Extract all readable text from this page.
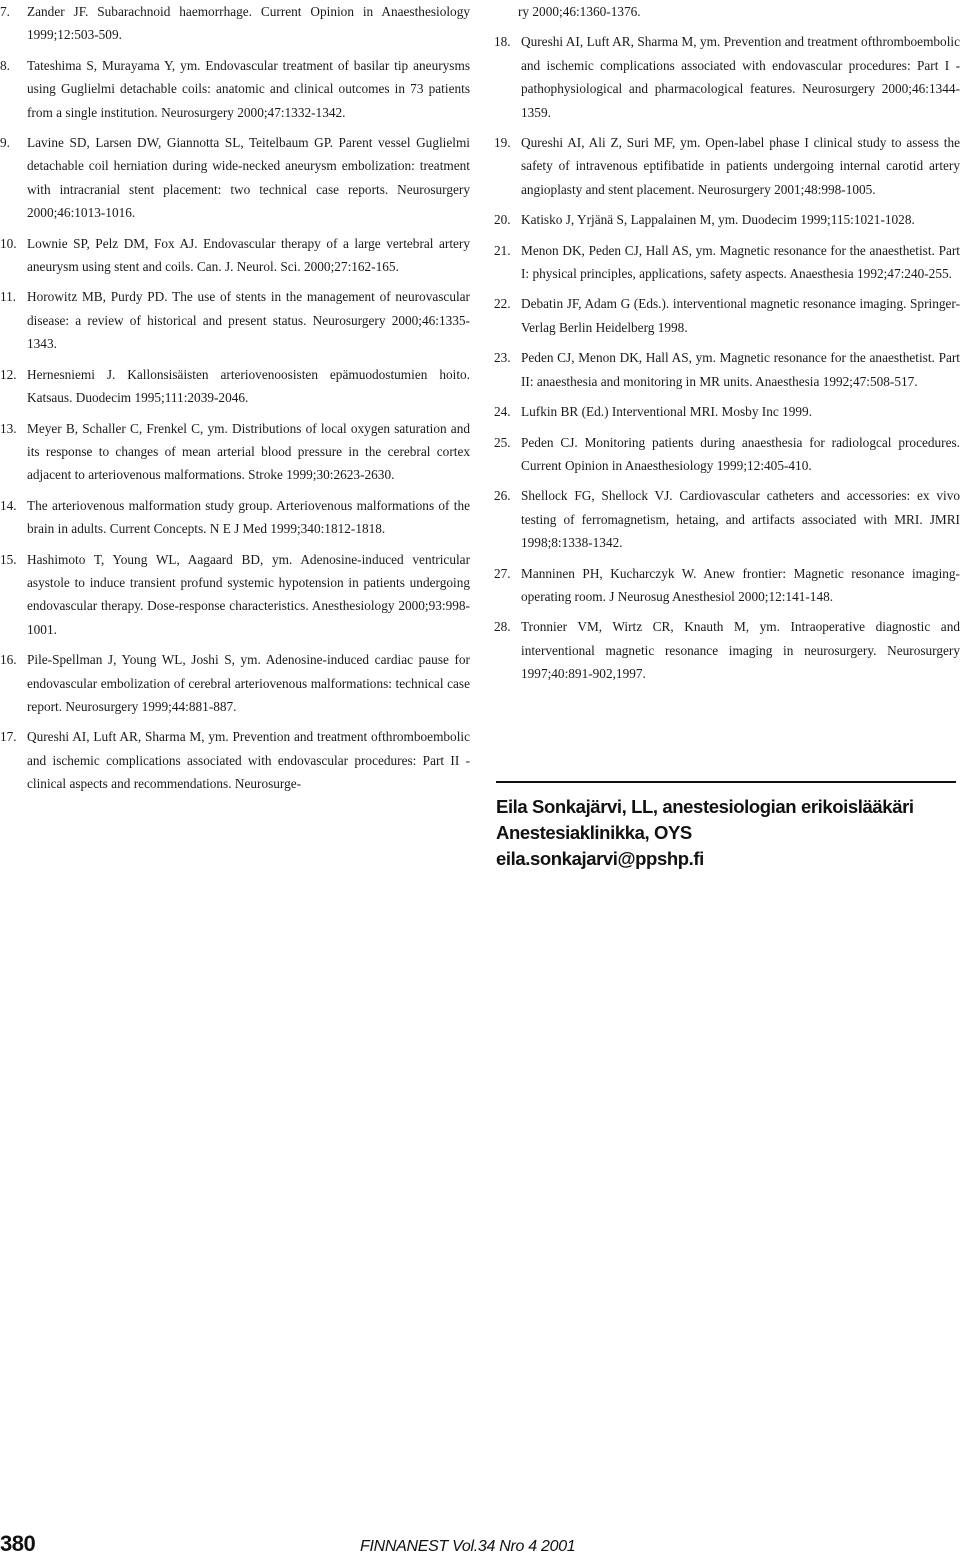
7. Zander JF. Subarachnoid haemorrhage. Current Opinion in Anaesthesiology 1999;12:503-509.
8. Tateshima S, Murayama Y, ym. Endovascular treatment of basilar tip aneurysms using Guglielmi detachable coils: anatomic and clinical outcomes in 73 patients from a single institution. Neurosurgery 2000;47:1332-1342.
9. Lavine SD, Larsen DW, Giannotta SL, Teitelbaum GP. Parent vessel Guglielmi detachable coil herniation during wide-necked aneurysm embolization: treatment with intracranial stent placement: two technical case reports. Neurosurgery 2000;46:1013-1016.
10. Lownie SP, Pelz DM, Fox AJ. Endovascular therapy of a large vertebral artery aneurysm using stent and coils. Can. J. Neurol. Sci. 2000;27:162-165.
11. Horowitz MB, Purdy PD. The use of stents in the management of neurovascular disease: a review of historical and present status. Neurosurgery 2000;46:1335-1343.
12. Hernesniemi J. Kallonsisäisten arteriovenoosisten epämuodostumien hoito. Katsaus. Duodecim 1995;111:2039-2046.
13. Meyer B, Schaller C, Frenkel C, ym. Distributions of local oxygen saturation and its response to changes of mean arterial blood pressure in the cerebral cortex adjacent to arteriovenous malformations. Stroke 1999;30:2623-2630.
14. The arteriovenous malformation study group. Arteriovenous malformations of the brain in adults. Current Concepts. N E J Med 1999;340:1812-1818.
15. Hashimoto T, Young WL, Aagaard BD, ym. Adenosine-induced ventricular asystole to induce transient profund systemic hypotension in patients undergoing endovascular therapy. Dose-response characteristics. Anesthesiology 2000;93:998-1001.
16. Pile-Spellman J, Young WL, Joshi S, ym. Adenosine-induced cardiac pause for endovascular embolization of cerebral arteriovenous malformations: technical case report. Neurosurgery 1999;44:881-887.
17. Qureshi AI, Luft AR, Sharma M, ym. Prevention and treatment ofthromboembolic and ischemic complications associated with endovascular procedures: Part II - clinical aspects and recommendations. Neurosurge-
ry 2000;46:1360-1376.
18. Qureshi AI, Luft AR, Sharma M, ym. Prevention and treatment ofthromboembolic and ischemic complications associated with endovascular procedures: Part I - pathophysiological and pharmacological features. Neurosurgery 2000;46:1344-1359.
19. Qureshi AI, Ali Z, Suri MF, ym. Open-label phase I clinical study to assess the safety of intravenous eptifibatide in patients undergoing internal carotid artery angioplasty and stent placement. Neurosurgery 2001;48:998-1005.
20. Katisko J, Yrjänä S, Lappalainen M, ym. Duodecim 1999;115:1021-1028.
21. Menon DK, Peden CJ, Hall AS, ym. Magnetic resonance for the anaesthetist. Part I: physical principles, applications, safety aspects. Anaesthesia 1992;47:240-255.
22. Debatin JF, Adam G (Eds.). interventional magnetic resonance imaging. Springer-Verlag Berlin Heidelberg 1998.
23. Peden CJ, Menon DK, Hall AS, ym. Magnetic resonance for the anaesthetist. Part II: anaesthesia and monitoring in MR units. Anaesthesia 1992;47:508-517.
24. Lufkin BR (Ed.) Interventional MRI. Mosby Inc 1999.
25. Peden CJ. Monitoring patients during anaesthesia for radiologcal procedures. Current Opinion in Anaesthesiology 1999;12:405-410.
26. Shellock FG, Shellock VJ. Cardiovascular catheters and accessories: ex vivo testing of ferromagnetism, hetaing, and artifacts associated with MRI. JMRI 1998;8:1338-1342.
27. Manninen PH, Kucharczyk W. Anew frontier: Magnetic resonance imaging-operating room. J Neurosug Anesthesiol 2000;12:141-148.
28. Tronnier VM, Wirtz CR, Knauth M, ym. Intraoperative diagnostic and interventional magnetic resonance imaging in neurosurgery. Neurosurgery 1997;40:891-902,1997.
Eila Sonkajärvi, LL, anestesiologian erikoislääkäri
Anestesiaklinikka, OYS
eila.sonkajarvi@ppshp.fi
380	FINNANEST Vol.34 Nro 4 2001
